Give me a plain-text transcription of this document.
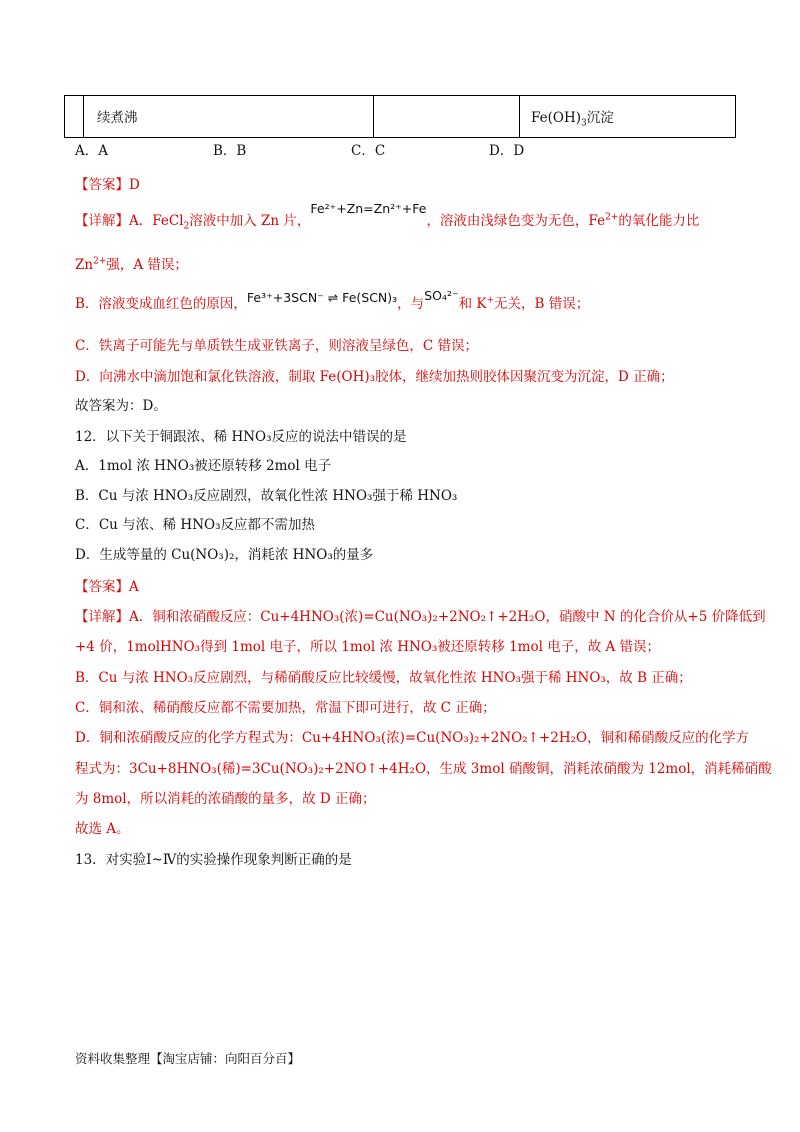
续煮沸	$Fe(OH)_3$沉淀
A．A	B．B	C．C	D．D
【答案】D
【详解】A．FeCl$_2$溶液中加入 Zn 片，Fe²⁺+Zn=Zn²⁺+Fe，溶液由浅绿色变为无色，$Fe^{2+}$的氧化能力比
$Zn^{2+}$强，A 错误；
B．溶液变成血红色的原因，Fe³⁺+3SCN⁻ ⇌ Fe(SCN)₃，与SO₄²⁻和 K+无关，B 错误；
C．铁离子可能先与单质铁生成亚铁离子，则溶液呈绿色，C 错误；
D．向沸水中滴加饱和氯化铁溶液，制取 Fe(OH)₃胶体，继续加热则胶体因聚沉变为沉淀，D 正确；
故答案为：D。
12．以下关于铜跟浓、稀 HNO₃反应的说法中错误的是
A．1mol 浓 HNO₃被还原转移 2mol 电子
B．Cu 与浓 HNO₃反应剧烈，故氧化性浓 HNO₃强于稀 HNO₃
C．Cu 与浓、稀 HNO₃反应都不需加热
D．生成等量的 Cu(NO₃)₂，消耗浓 HNO₃的量多
【答案】A
【详解】A．铜和浓硝酸反应：Cu+4HNO₃(浓)=Cu(NO₃)₂+2NO₂↑+2H₂O，硝酸中 N 的化合价从+5 价降低到
+4 价，1molHNO₃得到 1mol 电子，所以 1mol 浓 HNO₃被还原转移 1mol 电子，故 A 错误；
B．Cu 与浓 HNO₃反应剧烈，与稀硝酸反应比较缓慢，故氧化性浓 HNO₃强于稀 HNO₃，故 B 正确；
C．铜和浓、稀硝酸反应都不需要加热，常温下即可进行，故 C 正确；
D．铜和浓硝酸反应的化学方程式为：Cu+4HNO₃(浓)=Cu(NO₃)₂+2NO₂↑+2H₂O，铜和稀硝酸反应的化学方
程式为：3Cu+8HNO₃(稀)=3Cu(NO₃)₂+2NO↑+4H₂O，生成 3mol 硝酸铜，消耗浓硝酸为 12mol，消耗稀硝酸
为 8mol，所以消耗的浓硝酸的量多，故 D 正确；
故选 A。
13．对实验Ⅰ~Ⅳ的实验操作现象判断正确的是
资料收集整理【淘宝店铺：向阳百分百】
